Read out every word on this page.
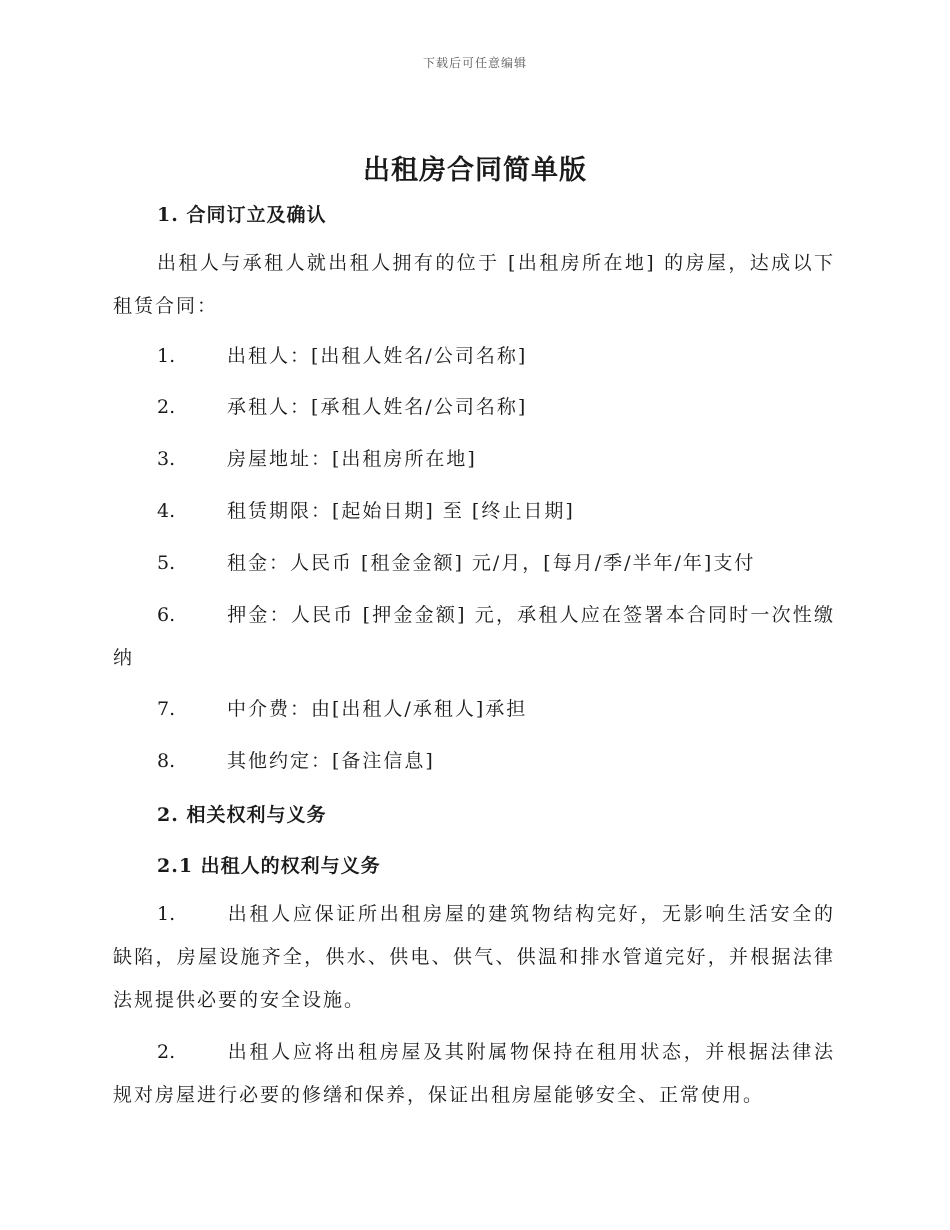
下载后可任意编辑
出租房合同简单版
1. 合同订立及确认

出租人与承租人就出租人拥有的位于 [出租房所在地] 的房屋，达成以下租赁合同：

1.	出租人：[出租人姓名/公司名称]

2.	承租人：[承租人姓名/公司名称]

3.	房屋地址：[出租房所在地]

4.	租赁期限：[起始日期] 至 [终止日期]

5.	租金：人民币 [租金金额] 元/月，[每月/季/半年/年]支付

6.	押金：人民币 [押金金额] 元，承租人应在签署本合同时一次性缴纳

7.	中介费：由[出租人/承租人]承担

8.	其他约定：[备注信息]

2. 相关权利与义务
2.1 出租人的权利与义务

1.	出租人应保证所出租房屋的建筑物结构完好，无影响生活安全的缺陷，房屋设施齐全，供水、供电、供气、供温和排水管道完好，并根据法律法规提供必要的安全设施。

2.	出租人应将出租房屋及其附属物保持在租用状态，并根据法律法规对房屋进行必要的修缮和保养，保证出租房屋能够安全、正常使用。
